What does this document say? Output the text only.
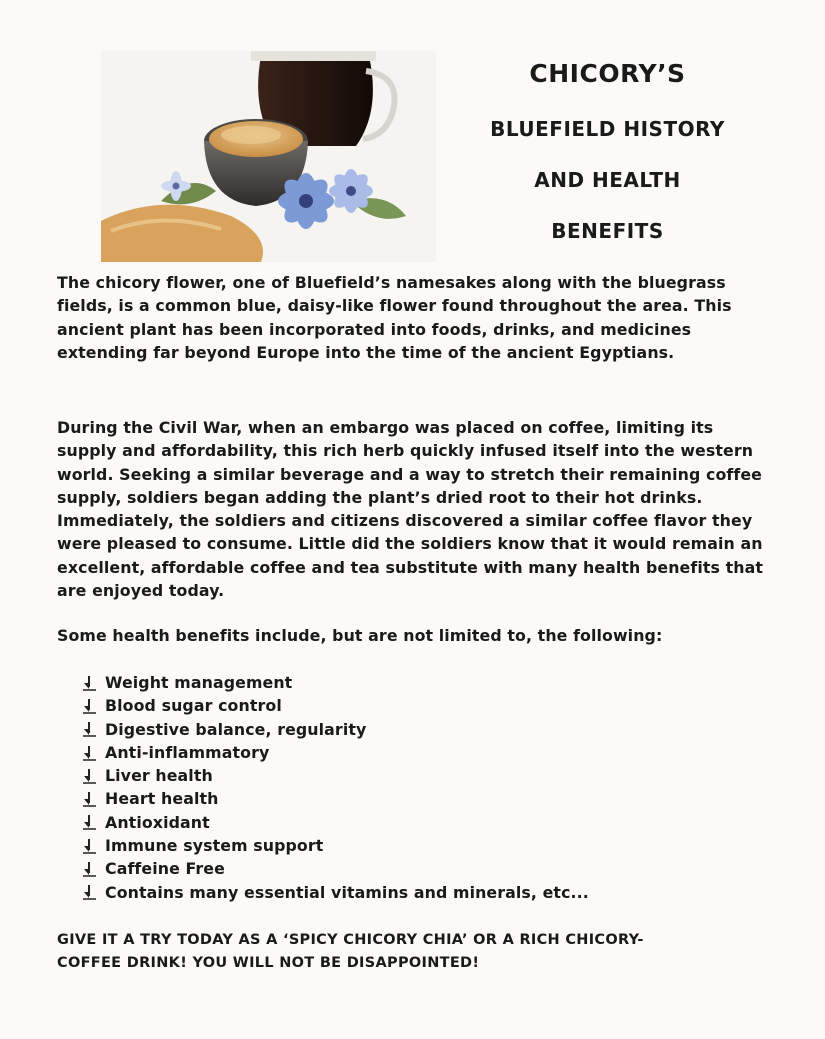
CHICORY’S
BLUEFIELD HISTORY
AND HEALTH
BENEFITS

The chicory flower, one of Bluefield’s namesakes along with the bluegrass fields, is a common blue, daisy-like flower found throughout the area. This ancient plant has been incorporated into foods, drinks, and medicines extending far beyond Europe into the time of the ancient Egyptians.

During the Civil War, when an embargo was placed on coffee, limiting its supply and affordability, this rich herb quickly infused itself into the western world. Seeking a similar beverage and a way to stretch their remaining coffee supply, soldiers began adding the plant’s dried root to their hot drinks. Immediately, the soldiers and citizens discovered a similar coffee flavor they were pleased to consume. Little did the soldiers know that it would remain an excellent, affordable coffee and tea substitute with many health benefits that are enjoyed today.

Some health benefits include, but are not limited to, the following:

Weight management
Blood sugar control
Digestive balance, regularity
Anti-inflammatory
Liver health
Heart health
Antioxidant
Immune system support
Caffeine Free
Contains many essential vitamins and minerals, etc...
GIVE IT A TRY TODAY AS A ‘SPICY CHICORY CHIA’ OR A RICH CHICORY-
COFFEE DRINK! YOU WILL NOT BE DISAPPOINTED!
